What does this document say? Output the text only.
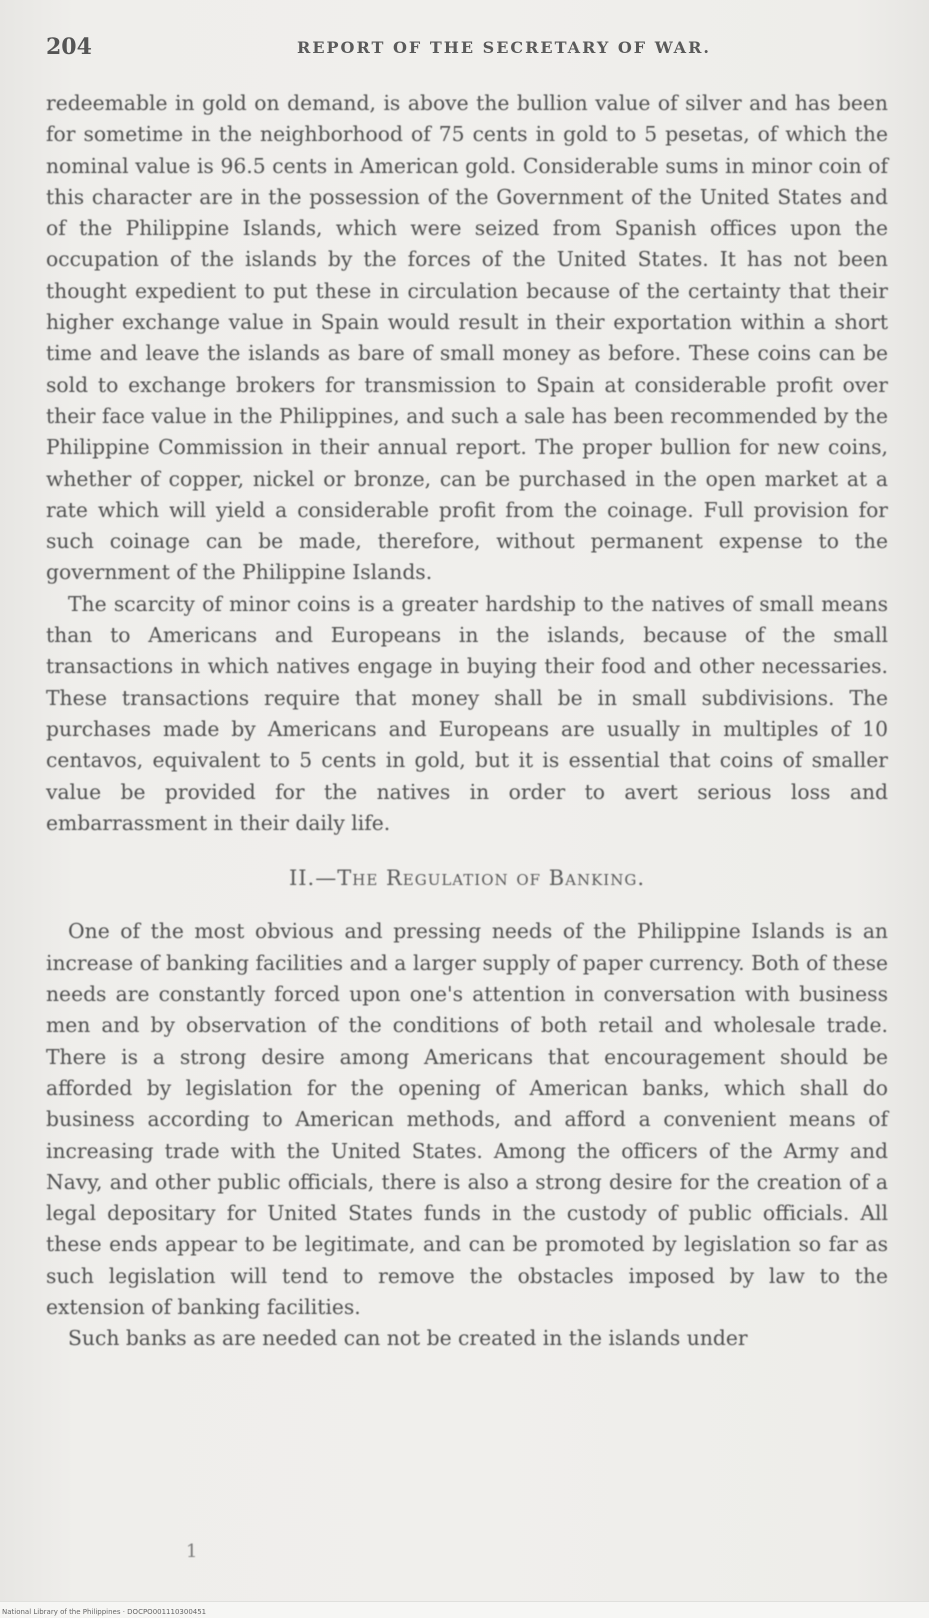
204	REPORT OF THE SECRETARY OF WAR.

redeemable in gold on demand, is above the bullion value of silver and has been for sometime in the neighborhood of 75 cents in gold to 5 pesetas, of which the nominal value is 96.5 cents in American gold. Considerable sums in minor coin of this character are in the possession of the Government of the United States and of the Philippine Islands, which were seized from Spanish offices upon the occupation of the islands by the forces of the United States. It has not been thought expedient to put these in circulation because of the certainty that their higher exchange value in Spain would result in their exportation within a short time and leave the islands as bare of small money as before. These coins can be sold to exchange brokers for transmission to Spain at considerable profit over their face value in the Philippines, and such a sale has been recommended by the Philippine Commission in their annual report. The proper bullion for new coins, whether of copper, nickel or bronze, can be purchased in the open market at a rate which will yield a considerable profit from the coinage. Full provision for such coinage can be made, therefore, without permanent expense to the government of the Philippine Islands.

The scarcity of minor coins is a greater hardship to the natives of small means than to Americans and Europeans in the islands, because of the small transactions in which natives engage in buying their food and other necessaries. These transactions require that money shall be in small subdivisions. The purchases made by Americans and Europeans are usually in multiples of 10 centavos, equivalent to 5 cents in gold, but it is essential that coins of smaller value be provided for the natives in order to avert serious loss and embarrassment in their daily life.

II.—The Regulation of Banking.

One of the most obvious and pressing needs of the Philippine Islands is an increase of banking facilities and a larger supply of paper currency. Both of these needs are constantly forced upon one's attention in conversation with business men and by observation of the conditions of both retail and wholesale trade. There is a strong desire among Americans that encouragement should be afforded by legislation for the opening of American banks, which shall do business according to American methods, and afford a convenient means of increasing trade with the United States. Among the officers of the Army and Navy, and other public officials, there is also a strong desire for the creation of a legal depositary for United States funds in the custody of public officials. All these ends appear to be legitimate, and can be promoted by legislation so far as such legislation will tend to remove the obstacles imposed by law to the extension of banking facilities.

Such banks as are needed can not be created in the islands under

1
National Library of the Philippines · DOCPO001110300451
